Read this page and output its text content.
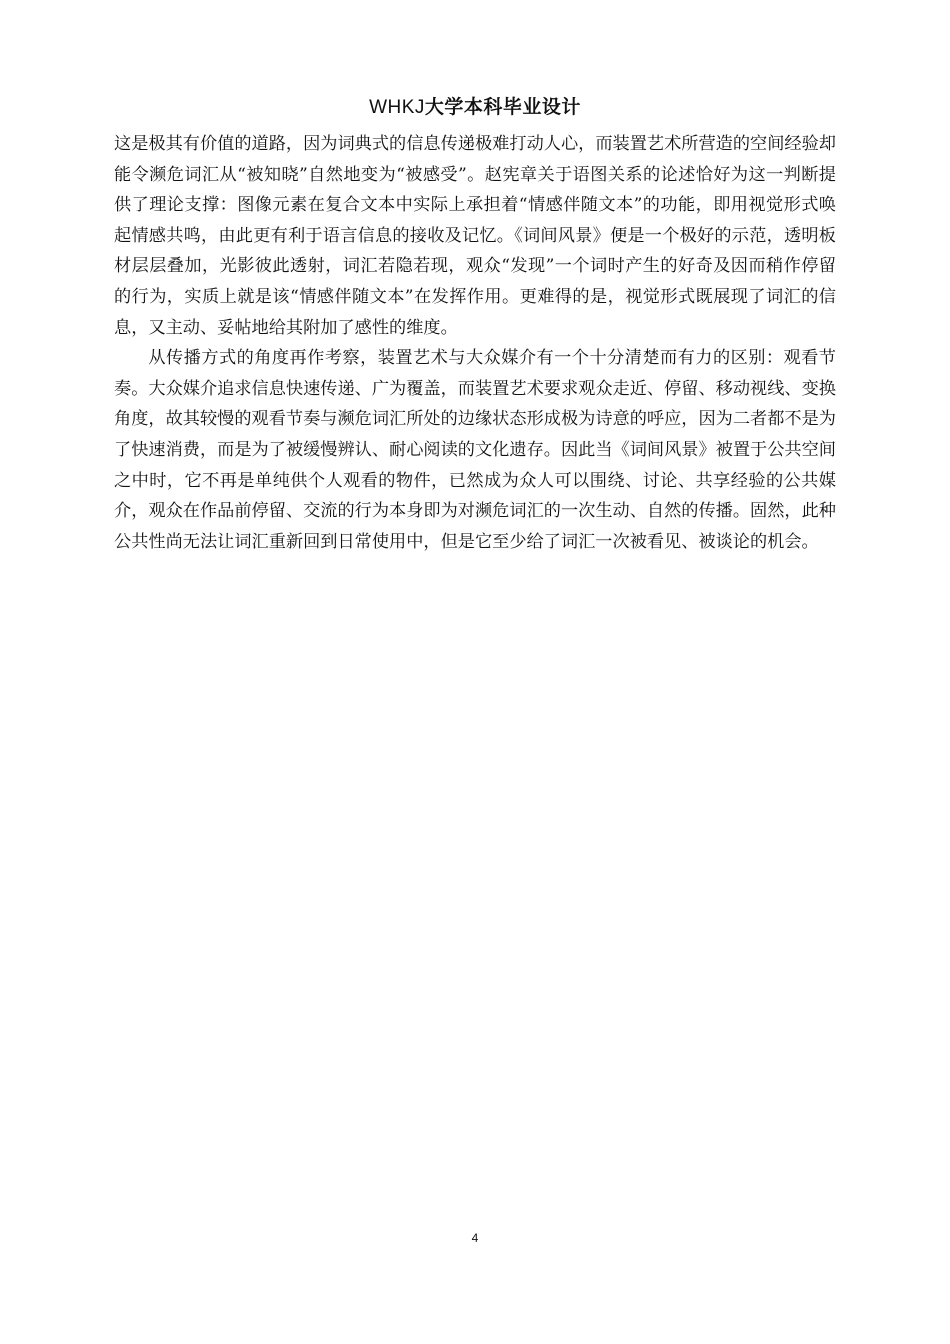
WHKJ大学本科毕业设计

这是极其有价值的道路，因为词典式的信息传递极难打动人心，而装置艺术所营造的空间经验却能令濒危词汇从“被知晓”自然地变为“被感受”。赵宪章关于语图关系的论述恰好为这一判断提供了理论支撑：图像元素在复合文本中实际上承担着“情感伴随文本”的功能，即用视觉形式唤起情感共鸣，由此更有利于语言信息的接收及记忆。《词间风景》便是一个极好的示范，透明板材层层叠加，光影彼此透射，词汇若隐若现，观众“发现”一个词时产生的好奇及因而稍作停留的行为，实质上就是该“情感伴随文本”在发挥作用。更难得的是，视觉形式既展现了词汇的信息，又主动、妥帖地给其附加了感性的维度。

从传播方式的角度再作考察，装置艺术与大众媒介有一个十分清楚而有力的区别：观看节奏。大众媒介追求信息快速传递、广为覆盖，而装置艺术要求观众走近、停留、移动视线、变换角度，故其较慢的观看节奏与濒危词汇所处的边缘状态形成极为诗意的呼应，因为二者都不是为了快速消费，而是为了被缓慢辨认、耐心阅读的文化遗存。因此当《词间风景》被置于公共空间之中时，它不再是单纯供个人观看的物件，已然成为众人可以围绕、讨论、共享经验的公共媒介，观众在作品前停留、交流的行为本身即为对濒危词汇的一次生动、自然的传播。固然，此种公共性尚无法让词汇重新回到日常使用中，但是它至少给了词汇一次被看见、被谈论的机会。

4
